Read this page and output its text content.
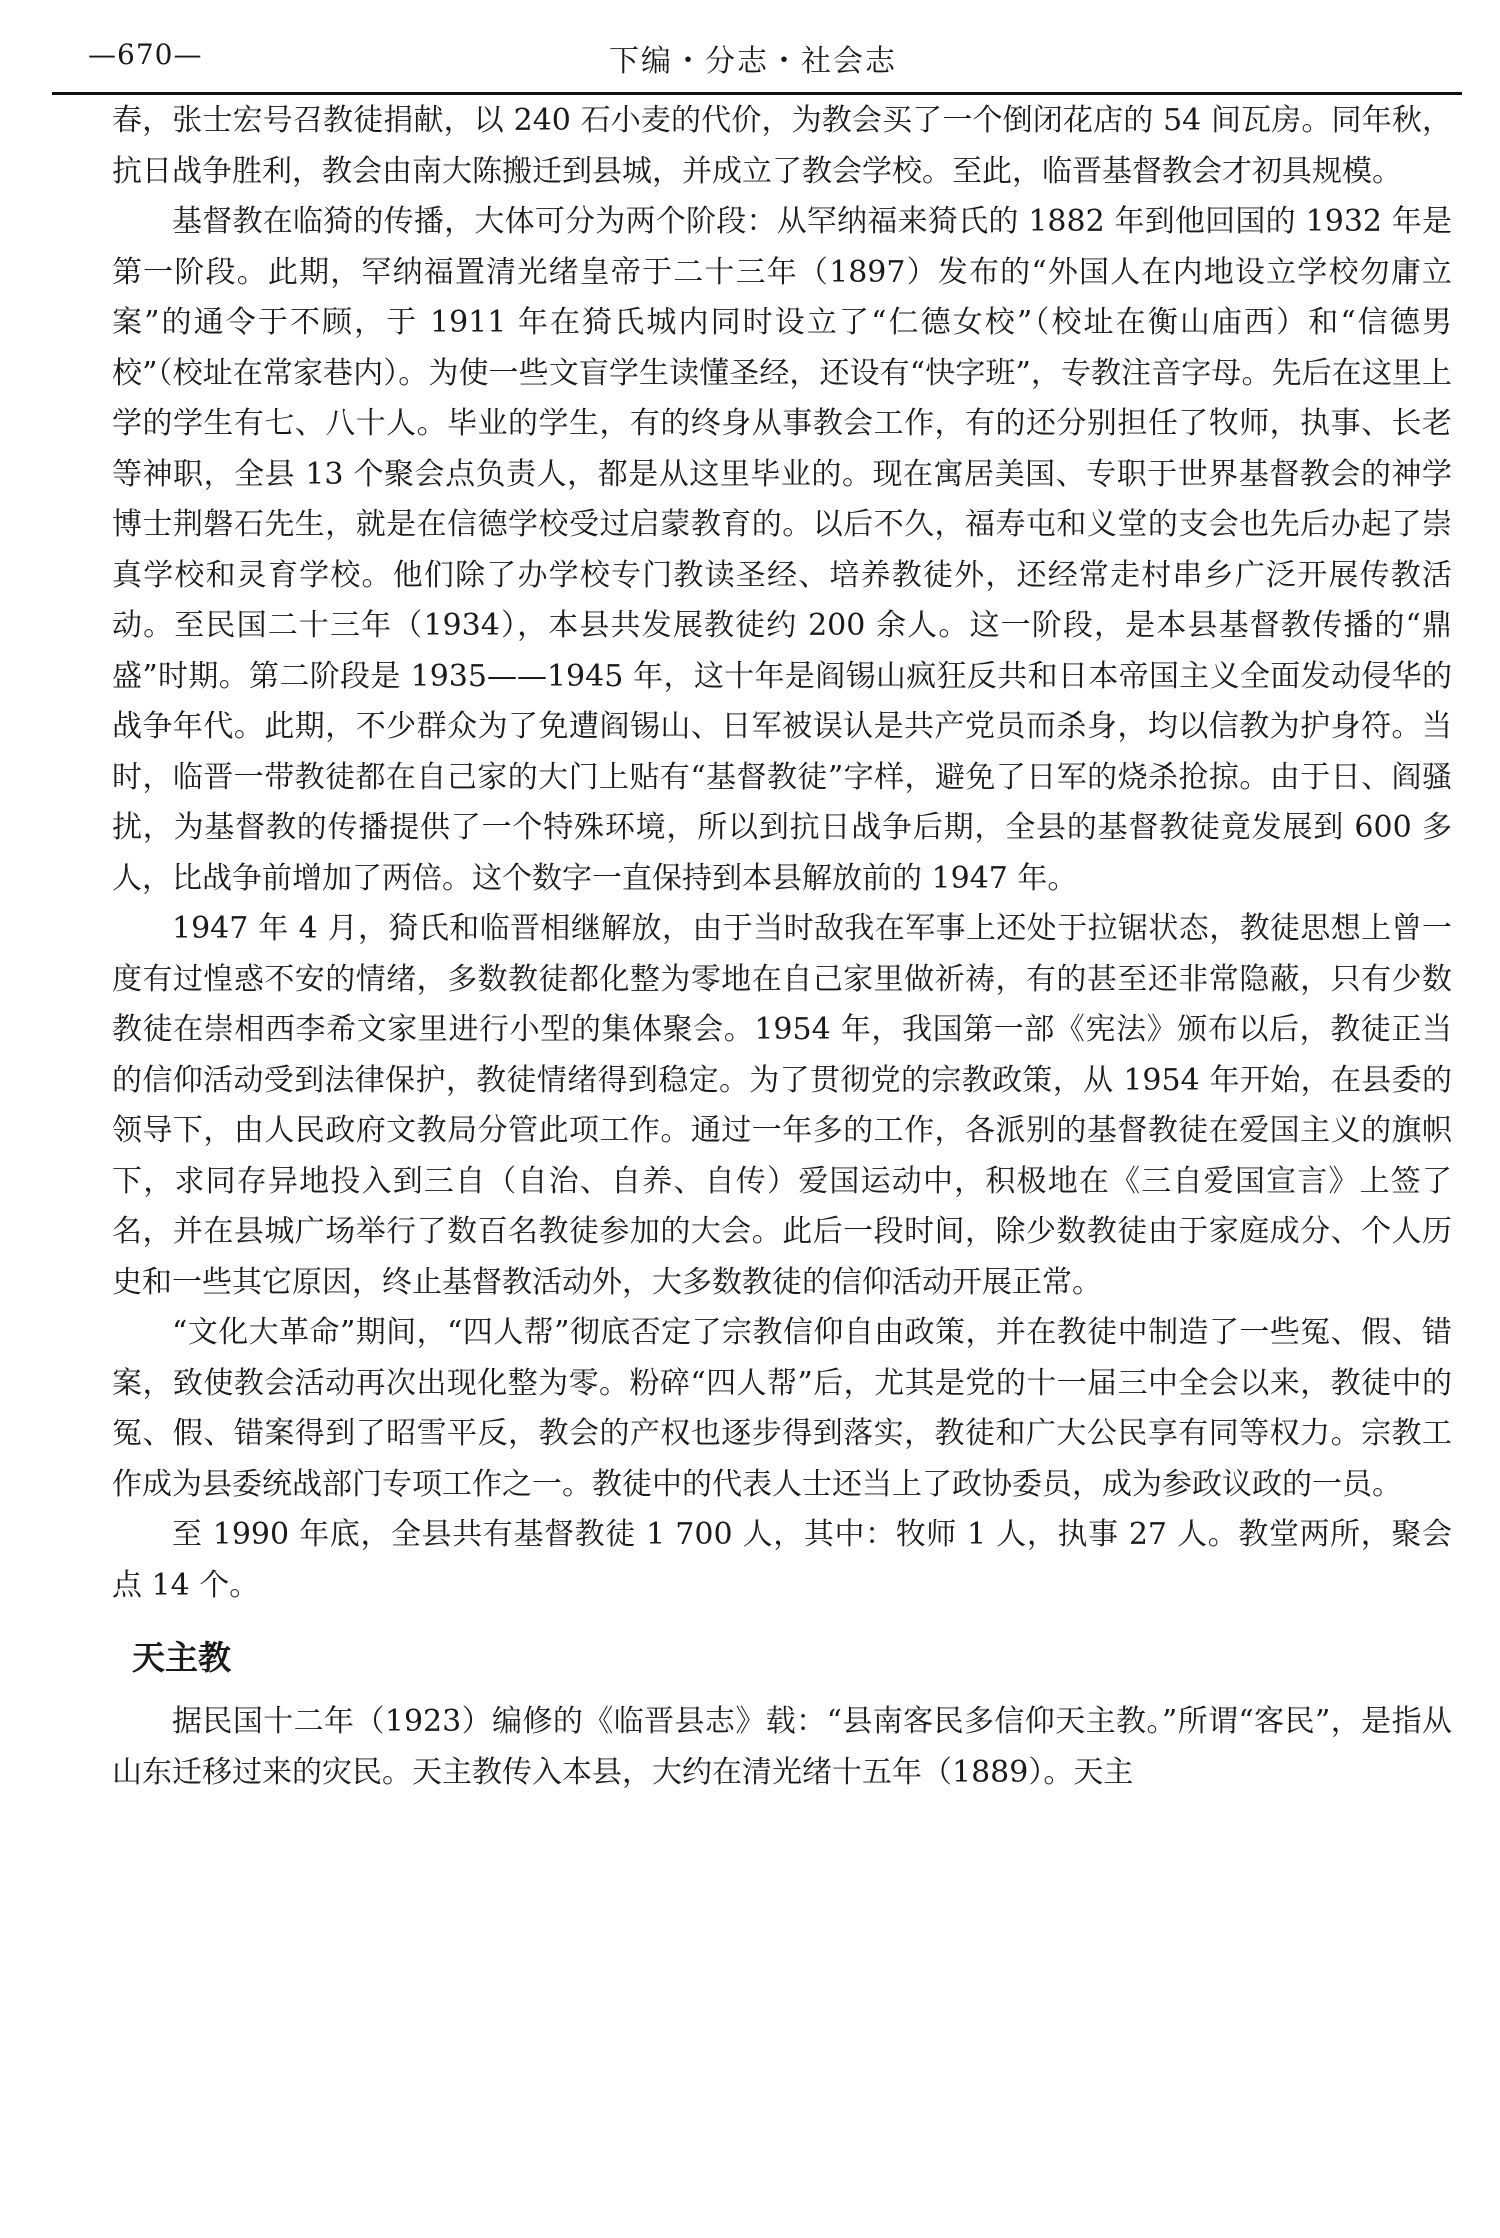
—670—	下编・分志・社会志

春，张士宏号召教徒捐献，以 240 石小麦的代价，为教会买了一个倒闭花店的 54 间瓦房。同年秋，抗日战争胜利，教会由南大陈搬迁到县城，并成立了教会学校。至此，临晋基督教会才初具规模。

基督教在临猗的传播，大体可分为两个阶段：从罕纳福来猗氏的 1882 年到他回国的 1932 年是第一阶段。此期，罕纳福置清光绪皇帝于二十三年（1897）发布的“外国人在内地设立学校勿庸立案”的通令于不顾，于 1911 年在猗氏城内同时设立了“仁德女校”（校址在衡山庙西）和“信德男校”（校址在常家巷内）。为使一些文盲学生读懂圣经，还设有“快字班”，专教注音字母。先后在这里上学的学生有七、八十人。毕业的学生，有的终身从事教会工作，有的还分别担任了牧师，执事、长老等神职，全县 13 个聚会点负责人，都是从这里毕业的。现在寓居美国、专职于世界基督教会的神学博士荆磐石先生，就是在信德学校受过启蒙教育的。以后不久，福寿屯和义堂的支会也先后办起了崇真学校和灵育学校。他们除了办学校专门教读圣经、培养教徒外，还经常走村串乡广泛开展传教活动。至民国二十三年（1934），本县共发展教徒约 200 余人。这一阶段，是本县基督教传播的“鼎盛”时期。第二阶段是 1935——1945 年，这十年是阎锡山疯狂反共和日本帝国主义全面发动侵华的战争年代。此期，不少群众为了免遭阎锡山、日军被误认是共产党员而杀身，均以信教为护身符。当时，临晋一带教徒都在自己家的大门上贴有“基督教徒”字样，避免了日军的烧杀抢掠。由于日、阎骚扰，为基督教的传播提供了一个特殊环境，所以到抗日战争后期，全县的基督教徒竟发展到 600 多人，比战争前增加了两倍。这个数字一直保持到本县解放前的 1947 年。

1947 年 4 月，猗氏和临晋相继解放，由于当时敌我在军事上还处于拉锯状态，教徒思想上曾一度有过惶惑不安的情绪，多数教徒都化整为零地在自己家里做祈祷，有的甚至还非常隐蔽，只有少数教徒在崇相西李希文家里进行小型的集体聚会。1954 年，我国第一部《宪法》颁布以后，教徒正当的信仰活动受到法律保护，教徒情绪得到稳定。为了贯彻党的宗教政策，从 1954 年开始，在县委的领导下，由人民政府文教局分管此项工作。通过一年多的工作，各派别的基督教徒在爱国主义的旗帜下，求同存异地投入到三自（自治、自养、自传）爱国运动中，积极地在《三自爱国宣言》上签了名，并在县城广场举行了数百名教徒参加的大会。此后一段时间，除少数教徒由于家庭成分、个人历史和一些其它原因，终止基督教活动外，大多数教徒的信仰活动开展正常。

“文化大革命”期间，“四人帮”彻底否定了宗教信仰自由政策，并在教徒中制造了一些冤、假、错案，致使教会活动再次出现化整为零。粉碎“四人帮”后，尤其是党的十一届三中全会以来，教徒中的冤、假、错案得到了昭雪平反，教会的产权也逐步得到落实，教徒和广大公民享有同等权力。宗教工作成为县委统战部门专项工作之一。教徒中的代表人士还当上了政协委员，成为参政议政的一员。

至 1990 年底，全县共有基督教徒 1 700 人，其中：牧师 1 人，执事 27 人。教堂两所，聚会点 14 个。

天主教

据民国十二年（1923）编修的《临晋县志》载：“县南客民多信仰天主教。”所谓“客民”，是指从山东迁移过来的灾民。天主教传入本县，大约在清光绪十五年（1889）。天主
